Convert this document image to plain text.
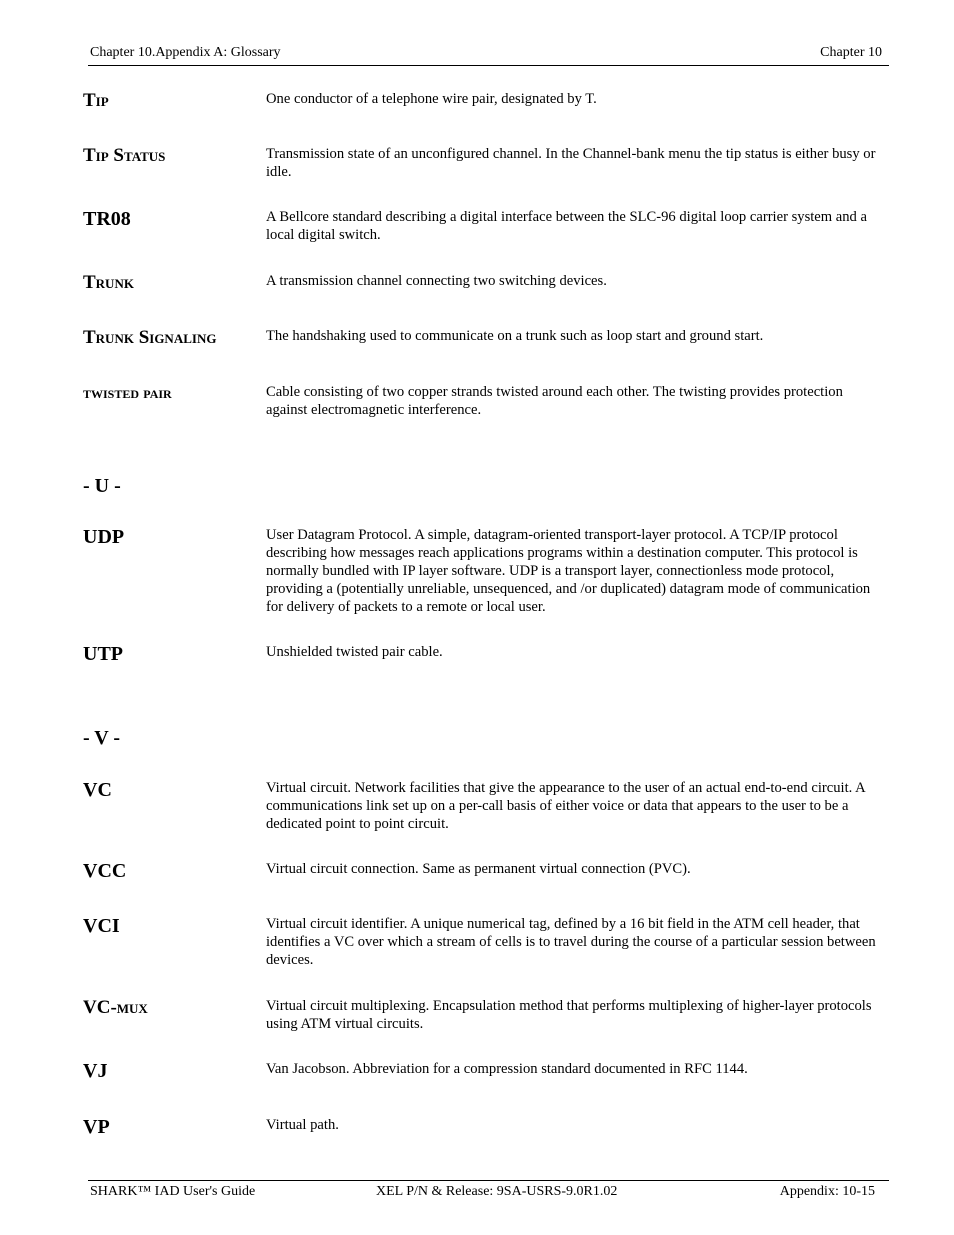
Chapter 10.Appendix A: Glossary	Chapter 10
Tip	One conductor of a telephone wire pair, designated by T.
Tip Status	Transmission state of an unconfigured channel. In the Channel-bank menu the tip status is either busy or idle.
TR08	A Bellcore standard describing a digital interface between the SLC-96 digital loop carrier system and a local digital switch.
Trunk	A transmission channel connecting two switching devices.
Trunk Signaling	The handshaking used to communicate on a trunk such as loop start and ground start.
twisted pair	Cable consisting of two copper strands twisted around each other. The twisting provides protection against electromagnetic interference.
- U -
UDP	User Datagram Protocol. A simple, datagram-oriented transport-layer protocol. A TCP/IP protocol describing how messages reach applications programs within a destination computer. This protocol is normally bundled with IP layer software. UDP is a transport layer, connectionless mode protocol, providing a (potentially unreliable, unsequenced, and /or duplicated) datagram mode of communication for delivery of packets to a remote or local user.
UTP	Unshielded twisted pair cable.
- V -
VC	Virtual circuit. Network facilities that give the appearance to the user of an actual end-to-end circuit. A communications link set up on a per-call basis of either voice or data that appears to the user to be a dedicated point to point circuit.
VCC	Virtual circuit connection. Same as permanent virtual connection (PVC).
VCI	Virtual circuit identifier. A unique numerical tag, defined by a 16 bit field in the ATM cell header, that identifies a VC over which a stream of cells is to travel during the course of a particular session between devices.
VC-mux	Virtual circuit multiplexing. Encapsulation method that performs multiplexing of higher-layer protocols using ATM virtual circuits.
VJ	Van Jacobson. Abbreviation for a compression standard documented in RFC 1144.
VP	Virtual path.
SHARK™ IAD User's Guide	XEL P/N & Release: 9SA-USRS-9.0R1.02	Appendix: 10-15
